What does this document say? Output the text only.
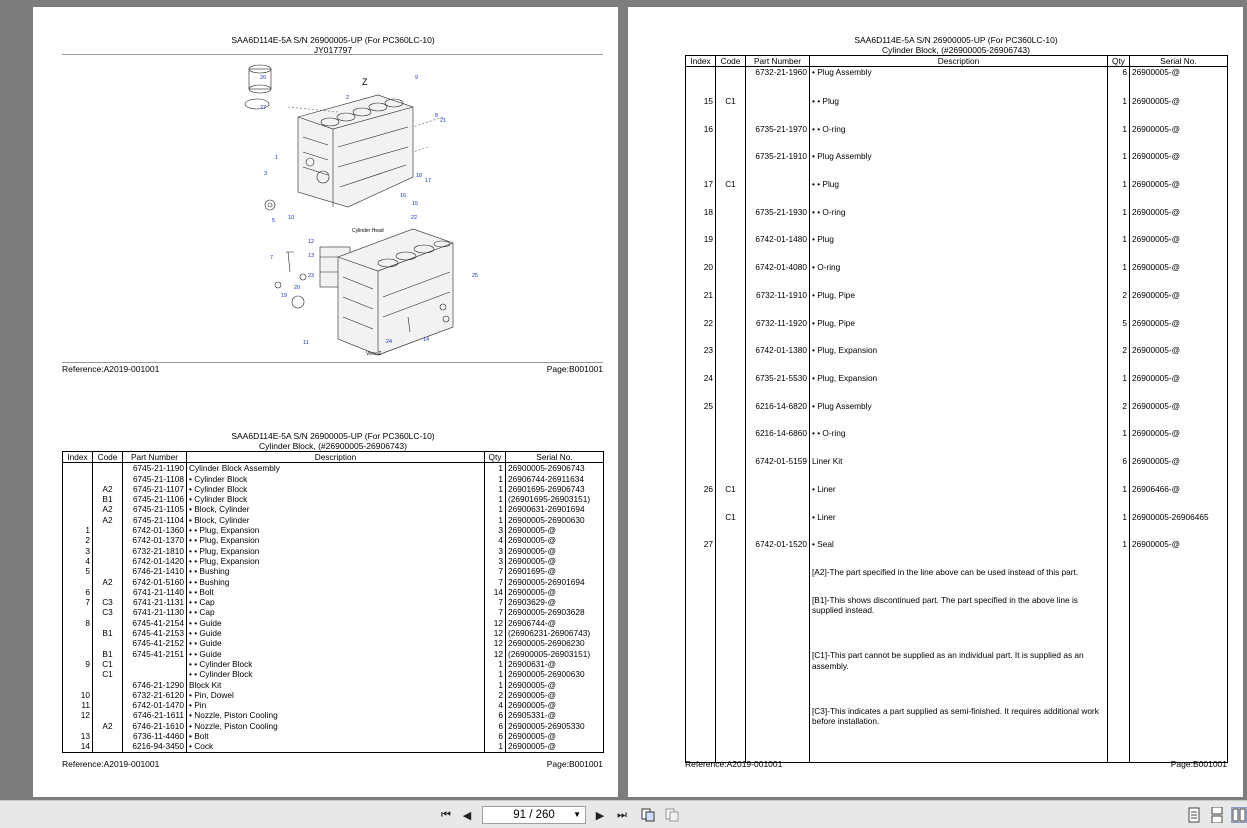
SAA6D114E-5A S/N 26900005-UP (For PC360LC-10)
JY017797
26
27
1
2
3
5
7
8
9
10
11
12
13
14
15
16
17
18
19
20
21
22
23
24
25
Z
Cylinder Head
View Z
Reference:A2019-001001	Page:B001001
SAA6D114E-5A S/N 26900005-UP (For PC360LC-10)
Cylinder Block, (#26900005-26906743)
Index	Code	Part Number	Description	Qty	Serial No.
		6745-21-1190	Cylinder Block Assembly	1	26900005-26906743
		6745-21-1108	• Cylinder Block	1	26906744-26911634
	A2	6745-21-1107	• Cylinder Block	1	26901695-26906743
	B1	6745-21-1106	• Cylinder Block	1	(26901695-26903151)
	A2	6745-21-1105	• Block, Cylinder	1	26900631-26901694
	A2	6745-21-1104	• Block, Cylinder	1	26900005-26900630
1		6742-01-1360	• • Plug, Expansion	3	26900005-@
2		6742-01-1370	• • Plug, Expansion	4	26900005-@
3		6732-21-1810	• • Plug, Expansion	3	26900005-@
4		6742-01-1420	• • Plug, Expansion	3	26900005-@
5		6746-21-1410	• • Bushing	7	26901695-@
	A2	6742-01-5160	• • Bushing	7	26900005-26901694
6		6741-21-1140	• • Bolt	14	26900005-@
7	C3	6741-21-1131	• • Cap	7	26903629-@
	C3	6741-21-1130	• • Cap	7	26900005-26903628
8		6745-41-2154	• • Guide	12	26906744-@
	B1	6745-41-2153	• • Guide	12	(26906231-26906743)
		6745-41-2152	• • Guide	12	26900005-26906230
	B1	6745-41-2151	• • Guide	12	(26900005-26903151)
9	C1		• • Cylinder Block	1	26900631-@
	C1		• • Cylinder Block	1	26900005-26900630
		6746-21-1290	Block Kit	1	26900005-@
10		6732-21-6120	• Pin, Dowel	2	26900005-@
11		6742-01-1470	• Pin	4	26900005-@
12		6746-21-1611	• Nozzle, Piston Cooling	6	26905331-@
	A2	6746-21-1610	• Nozzle, Piston Cooling	6	26900005-26905330
13		6736-11-4460	• Bolt	6	26900005-@
14		6216-94-3450	• Cock	1	26900005-@

Reference:A2019-001001	Page:B001001
SAA6D114E-5A S/N 26900005-UP (For PC360LC-10)
Cylinder Block, (#26900005-26906743)
Index	Code	Part Number	Description	Qty	Serial No.
		6732-21-1960	• Plug Assembly	6	26900005-@
15	C1		• • Plug	1	26900005-@
16		6735-21-1970	• • O-ring	1	26900005-@
		6735-21-1910	• Plug Assembly	1	26900005-@
17	C1		• • Plug	1	26900005-@
18		6735-21-1930	• • O-ring	1	26900005-@
19		6742-01-1480	• Plug	1	26900005-@
20		6742-01-4080	• O-ring	1	26900005-@
21		6732-11-1910	• Plug, Pipe	2	26900005-@
22		6732-11-1920	• Plug, Pipe	5	26900005-@
23		6742-01-1380	• Plug, Expansion	2	26900005-@
24		6735-21-5530	• Plug, Expansion	1	26900005-@
25		6216-14-6820	• Plug Assembly	2	26900005-@
		6216-14-6860	• • O-ring	1	26900005-@
		6742-01-5159	Liner Kit	6	26900005-@
26	C1		• Liner	1	26906466-@
	C1		• Liner	1	26900005-26906465
27		6742-01-1520	• Seal	1	26900005-@
			[A2]-The part specified in the line above can be used instead of this part.		
			[B1]-This shows discontinued part. The part specified in the above line is supplied instead.		
			[C1]-This part cannot be supplied as an individual part. It is supplied as an assembly.		
			[C3]-This indicates a part supplied as semi-finished. It requires additional work before installation.		

Reference:A2019-001001	Page:B001001
⏮ ◀	91 / 260 ▼ ▶ ⏭
